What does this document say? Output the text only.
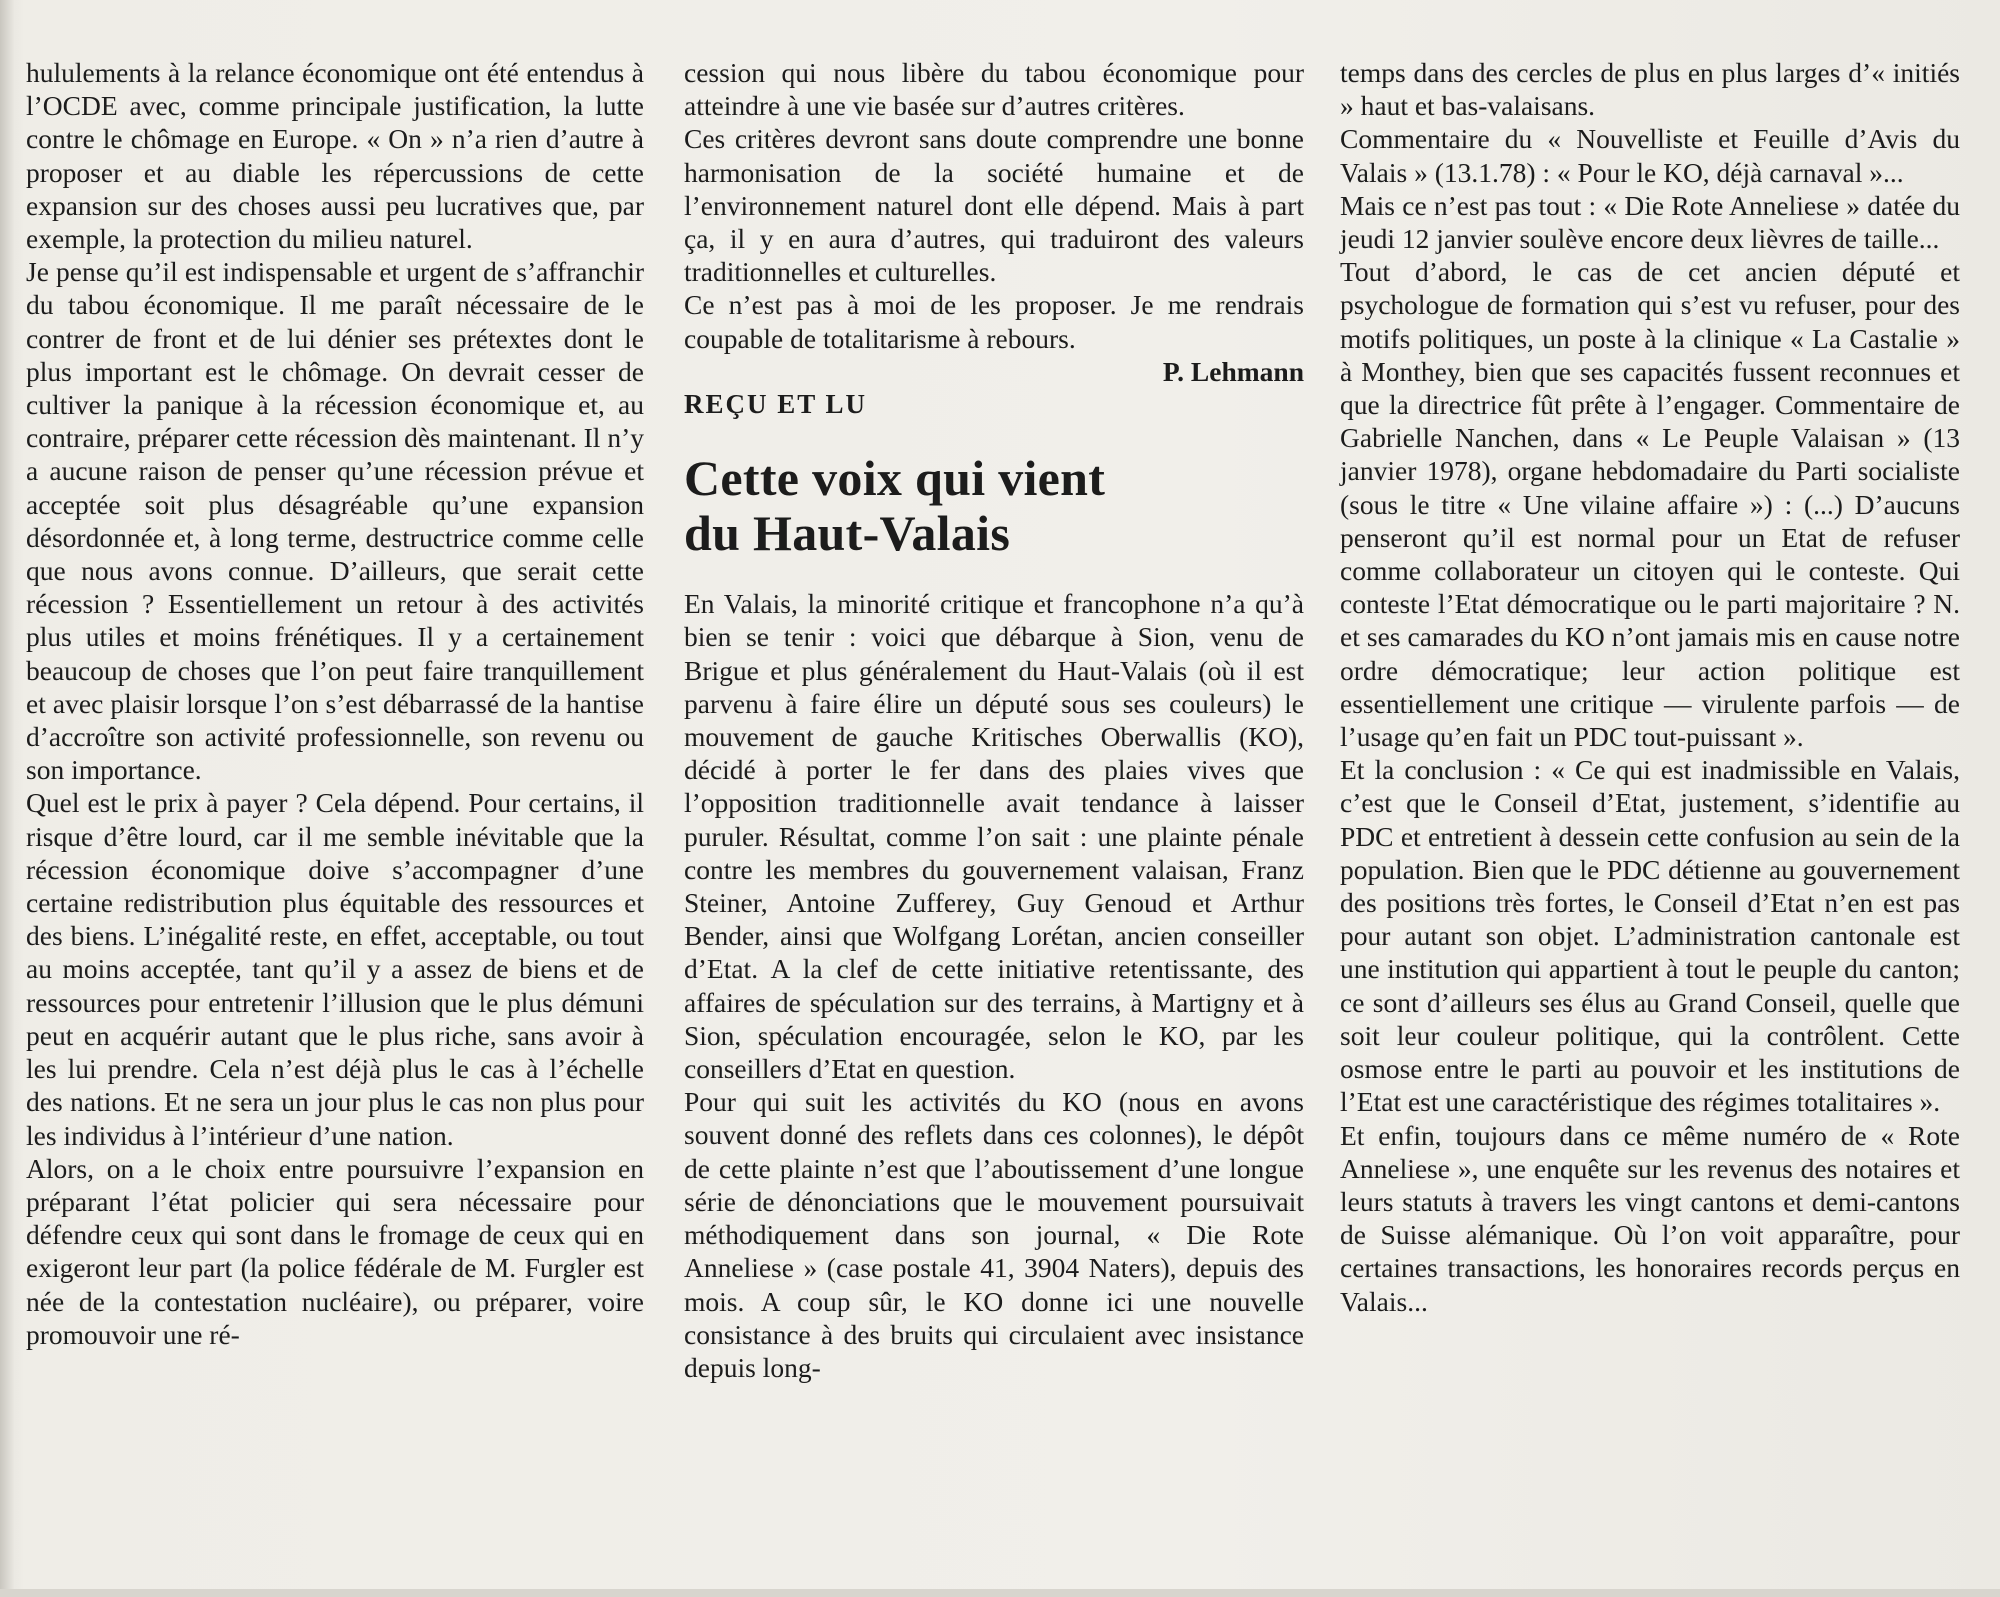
hululements à la relance économique ont été entendus à l’OCDE avec, comme principale justification, la lutte contre le chômage en Europe. « On » n’a rien d’autre à proposer et au diable les répercussions de cette expansion sur des choses aussi peu lucratives que, par exemple, la protection du milieu naturel.

Je pense qu’il est indispensable et urgent de s’affranchir du tabou économique. Il me paraît nécessaire de le contrer de front et de lui dénier ses prétextes dont le plus important est le chômage. On devrait cesser de cultiver la panique à la récession économique et, au contraire, préparer cette récession dès maintenant. Il n’y a aucune raison de penser qu’une récession prévue et acceptée soit plus désagréable qu’une expansion désordonnée et, à long terme, destructrice comme celle que nous avons connue. D’ailleurs, que serait cette récession ? Essentiellement un retour à des activités plus utiles et moins frénétiques. Il y a certainement beaucoup de choses que l’on peut faire tranquillement et avec plaisir lorsque l’on s’est débarrassé de la hantise d’accroître son activité professionnelle, son revenu ou son importance.

Quel est le prix à payer ? Cela dépend. Pour certains, il risque d’être lourd, car il me semble inévitable que la récession économique doive s’accompagner d’une certaine redistribution plus équitable des ressources et des biens. L’inégalité reste, en effet, acceptable, ou tout au moins acceptée, tant qu’il y a assez de biens et de ressources pour entretenir l’illusion que le plus démuni peut en acquérir autant que le plus riche, sans avoir à les lui prendre. Cela n’est déjà plus le cas à l’échelle des nations. Et ne sera un jour plus le cas non plus pour les individus à l’intérieur d’une nation.

Alors, on a le choix entre poursuivre l’expansion en préparant l’état policier qui sera nécessaire pour défendre ceux qui sont dans le fromage de ceux qui en exigeront leur part (la police fédérale de M. Furgler est née de la contestation nucléaire), ou préparer, voire promouvoir une ré-

cession qui nous libère du tabou économique pour atteindre à une vie basée sur d’autres critères.

Ces critères devront sans doute comprendre une bonne harmonisation de la société humaine et de l’environnement naturel dont elle dépend. Mais à part ça, il y en aura d’autres, qui traduiront des valeurs traditionnelles et culturelles.

Ce n’est pas à moi de les proposer. Je me rendrais coupable de totalitarisme à rebours.

P. Lehmann

REÇU ET LU

Cette voix qui vient
du Haut-Valais

En Valais, la minorité critique et francophone n’a qu’à bien se tenir : voici que débarque à Sion, venu de Brigue et plus généralement du Haut-Valais (où il est parvenu à faire élire un député sous ses couleurs) le mouvement de gauche Kritisches Oberwallis (KO), décidé à porter le fer dans des plaies vives que l’opposition traditionnelle avait tendance à laisser puruler. Résultat, comme l’on sait : une plainte pénale contre les membres du gouvernement valaisan, Franz Steiner, Antoine Zufferey, Guy Genoud et Arthur Bender, ainsi que Wolfgang Lorétan, ancien conseiller d’Etat. A la clef de cette initiative retentissante, des affaires de spéculation sur des terrains, à Martigny et à Sion, spéculation encouragée, selon le KO, par les conseillers d’Etat en question.

Pour qui suit les activités du KO (nous en avons souvent donné des reflets dans ces colonnes), le dépôt de cette plainte n’est que l’aboutissement d’une longue série de dénonciations que le mouvement poursuivait méthodiquement dans son journal, « Die Rote Anneliese » (case postale 41, 3904 Naters), depuis des mois. A coup sûr, le KO donne ici une nouvelle consistance à des bruits qui circulaient avec insistance depuis long-

temps dans des cercles de plus en plus larges d’« initiés » haut et bas-valaisans.

Commentaire du « Nouvelliste et Feuille d’Avis du Valais » (13.1.78) : « Pour le KO, déjà carnaval »...

Mais ce n’est pas tout : « Die Rote Anneliese » datée du jeudi 12 janvier soulève encore deux lièvres de taille...

Tout d’abord, le cas de cet ancien député et psychologue de formation qui s’est vu refuser, pour des motifs politiques, un poste à la clinique « La Castalie » à Monthey, bien que ses capacités fussent reconnues et que la directrice fût prête à l’engager. Commentaire de Gabrielle Nanchen, dans « Le Peuple Valaisan » (13 janvier 1978), organe hebdomadaire du Parti socialiste (sous le titre « Une vilaine affaire ») : (...) D’aucuns penseront qu’il est normal pour un Etat de refuser comme collaborateur un citoyen qui le conteste. Qui conteste l’Etat démocratique ou le parti majoritaire ? N. et ses camarades du KO n’ont jamais mis en cause notre ordre démocratique; leur action politique est essentiellement une critique — virulente parfois — de l’usage qu’en fait un PDC tout-puissant ».

Et la conclusion : « Ce qui est inadmissible en Valais, c’est que le Conseil d’Etat, justement, s’identifie au PDC et entretient à dessein cette confusion au sein de la population. Bien que le PDC détienne au gouvernement des positions très fortes, le Conseil d’Etat n’en est pas pour autant son objet. L’administration cantonale est une institution qui appartient à tout le peuple du canton; ce sont d’ailleurs ses élus au Grand Conseil, quelle que soit leur couleur politique, qui la contrôlent. Cette osmose entre le parti au pouvoir et les institutions de l’Etat est une caractéristique des régimes totalitaires ».

Et enfin, toujours dans ce même numéro de « Rote Anneliese », une enquête sur les revenus des notaires et leurs statuts à travers les vingt cantons et demi-cantons de Suisse alémanique. Où l’on voit apparaître, pour certaines transactions, les honoraires records perçus en Valais...
